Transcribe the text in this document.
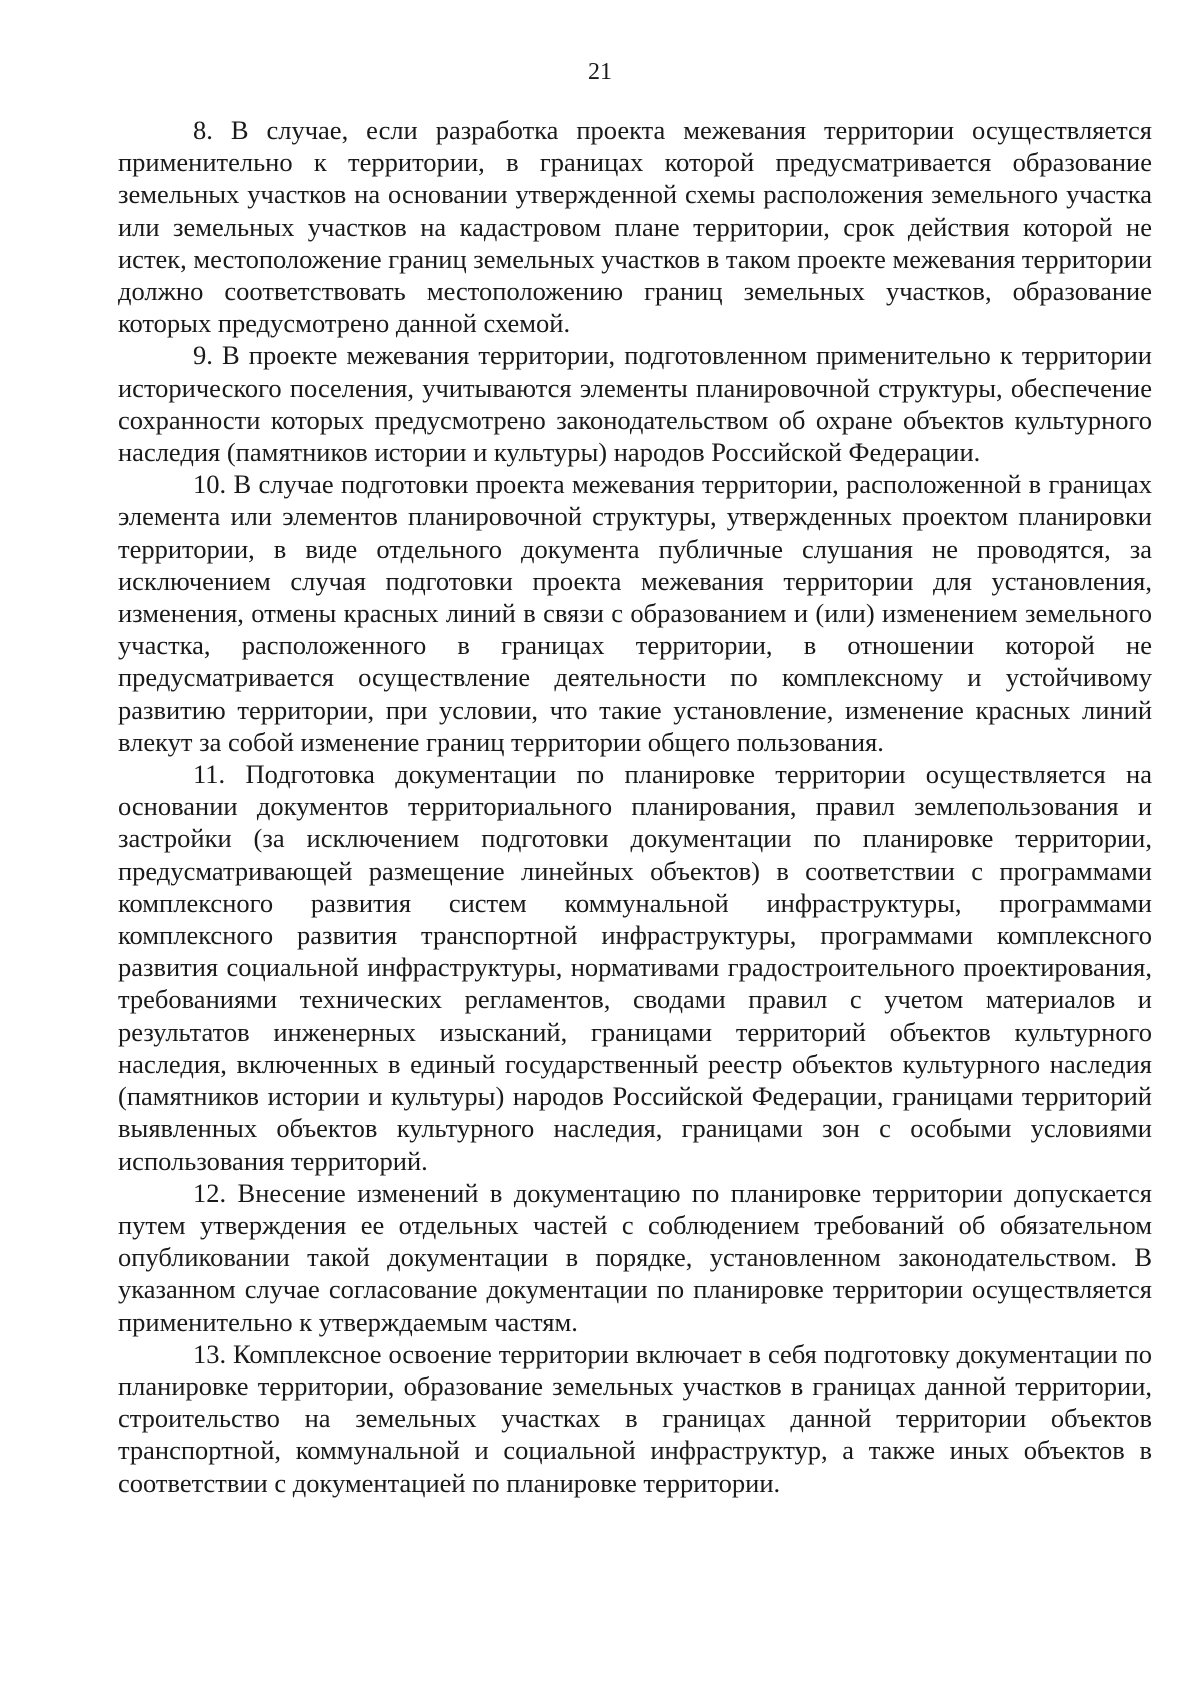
21

8. В случае, если разработка проекта межевания территории осуществляется применительно к территории, в границах которой предусматривается образование земельных участков на основании утвержденной схемы расположения земельного участка или земельных участков на кадастровом плане территории, срок действия которой не истек, местоположение границ земельных участков в таком проекте межевания территории должно соответствовать местоположению границ земельных участков, образование которых предусмотрено данной схемой.

9. В проекте межевания территории, подготовленном применительно к территории исторического поселения, учитываются элементы планировочной структуры, обеспечение сохранности которых предусмотрено законодательством об охране объектов культурного наследия (памятников истории и культуры) народов Российской Федерации.

10. В случае подготовки проекта межевания территории, расположенной в границах элемента или элементов планировочной структуры, утвержденных проектом планировки территории, в виде отдельного документа публичные слушания не проводятся, за исключением случая подготовки проекта межевания территории для установления, изменения, отмены красных линий в связи с образованием и (или) изменением земельного участка, расположенного в границах территории, в отношении которой не предусматривается осуществление деятельности по комплексному и устойчивому развитию территории, при условии, что такие установление, изменение красных линий влекут за собой изменение границ территории общего пользования.

11. Подготовка документации по планировке территории осуществляется на основании документов территориального планирования, правил землепользования и застройки (за исключением подготовки документации по планировке территории, предусматривающей размещение линейных объектов) в соответствии с программами комплексного развития систем коммунальной инфраструктуры, программами комплексного развития транспортной инфраструктуры, программами комплексного развития социальной инфраструктуры, нормативами градостроительного проектирования, требованиями технических регламентов, сводами правил с учетом материалов и результатов инженерных изысканий, границами территорий объектов культурного наследия, включенных в единый государственный реестр объектов культурного наследия (памятников истории и культуры) народов Российской Федерации, границами территорий выявленных объектов культурного наследия, границами зон с особыми условиями использования территорий.

12. Внесение изменений в документацию по планировке территории допускается путем утверждения ее отдельных частей с соблюдением требований об обязательном опубликовании такой документации в порядке, установленном законодательством. В указанном случае согласование документации по планировке территории осуществляется применительно к утверждаемым частям.

13. Комплексное освоение территории включает в себя подготовку документации по планировке территории, образование земельных участков в границах данной территории, строительство на земельных участках в границах данной территории объектов транспортной, коммунальной и социальной инфраструктур, а также иных объектов в соответствии с документацией по планировке территории.
